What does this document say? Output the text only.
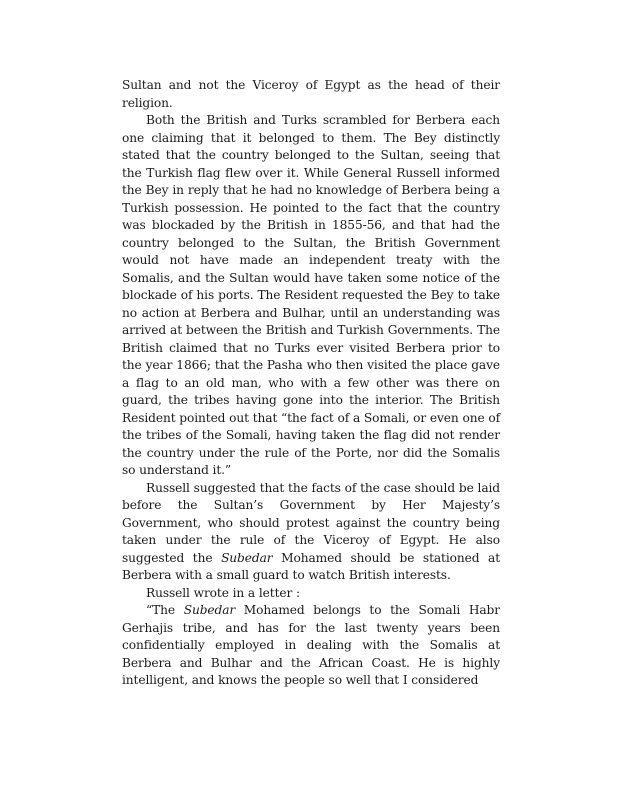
Sultan and not the Viceroy of Egypt as the head of their religion.

Both the British and Turks scrambled for Berbera each one claiming that it belonged to them. The Bey distinctly stated that the country belonged to the Sultan, seeing that the Turkish flag flew over it. While General Russell informed the Bey in reply that he had no knowledge of Berbera being a Turkish possession. He pointed to the fact that the country was blockaded by the British in 1855-56, and that had the country belonged to the Sultan, the British Government would not have made an independent treaty with the Somalis, and the Sultan would have taken some notice of the blockade of his ports. The Resident requested the Bey to take no action at Berbera and Bulhar, until an understanding was arrived at between the British and Turkish Governments. The British claimed that no Turks ever visited Berbera prior to the year 1866; that the Pasha who then visited the place gave a flag to an old man, who with a few other was there on guard, the tribes having gone into the interior. The British Resident pointed out that “the fact of a Somali, or even one of the tribes of the Somali, having taken the flag did not render the country under the rule of the Porte, nor did the Somalis so understand it.”

Russell suggested that the facts of the case should be laid before the Sultan’s Government by Her Majesty’s Government, who should protest against the country being taken under the rule of the Viceroy of Egypt. He also suggested the Subedar Mohamed should be stationed at Berbera with a small guard to watch British interests.

Russell wrote in a letter :

“The Subedar Mohamed belongs to the Somali Habr Gerhajis tribe, and has for the last twenty years been confidentially employed in dealing with the Somalis at Berbera and Bulhar and the African Coast. He is highly intelligent, and knows the people so well that I considered
